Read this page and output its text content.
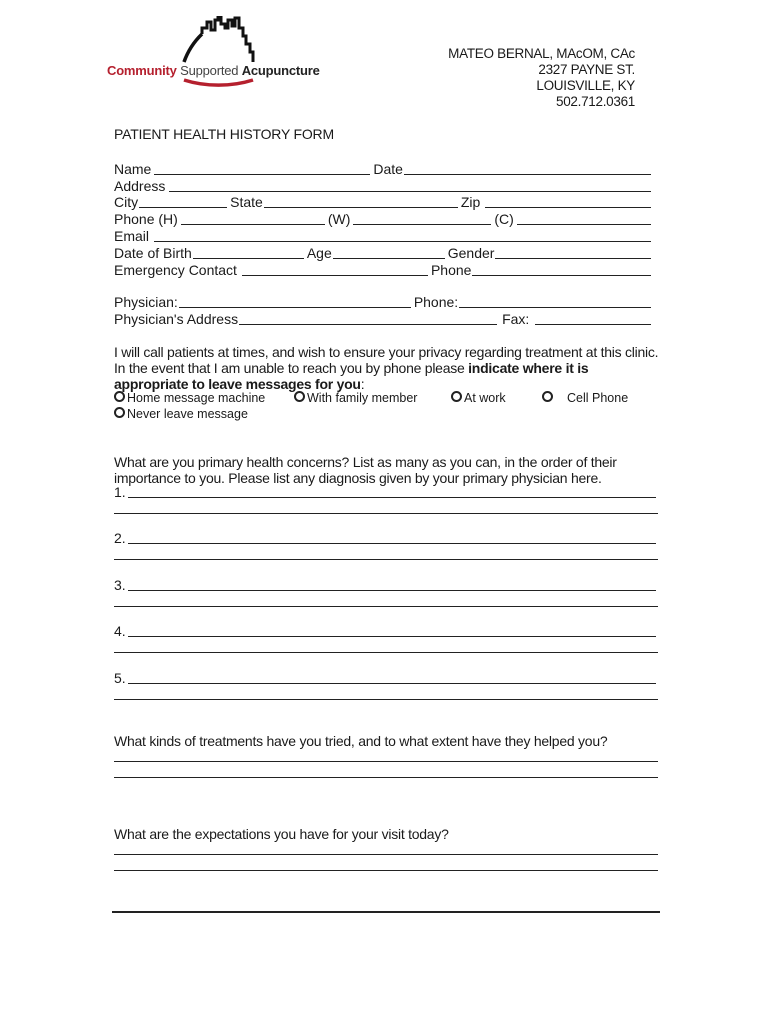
Community Supported Acupuncture
MATEO BERNAL, MAcOM, CAc
2327 PAYNE ST.
LOUISVILLE, KY
502.712.0361
PATIENT HEALTH HISTORY FORM
Name	Date
Address
City	State	Zip
Phone (H)	(W)	(C)
Email
Date of Birth	Age	Gender
Emergency Contact	Phone
Physician:	Phone:
Physician's Address	Fax:
I will call patients at times, and wish to ensure your privacy regarding treatment at this clinic. In the event that I am unable to reach you by phone please indicate where it is appropriate to leave messages for you:
Home message machine	With family member	At work	Cell Phone
Never leave message
What are you primary health concerns? List as many as you can, in the order of their importance to you. Please list any diagnosis given by your primary physician here.
1.
2.
3.
4.
5.
What kinds of treatments have you tried, and to what extent have they helped you?
What are the expectations you have for your visit today?
